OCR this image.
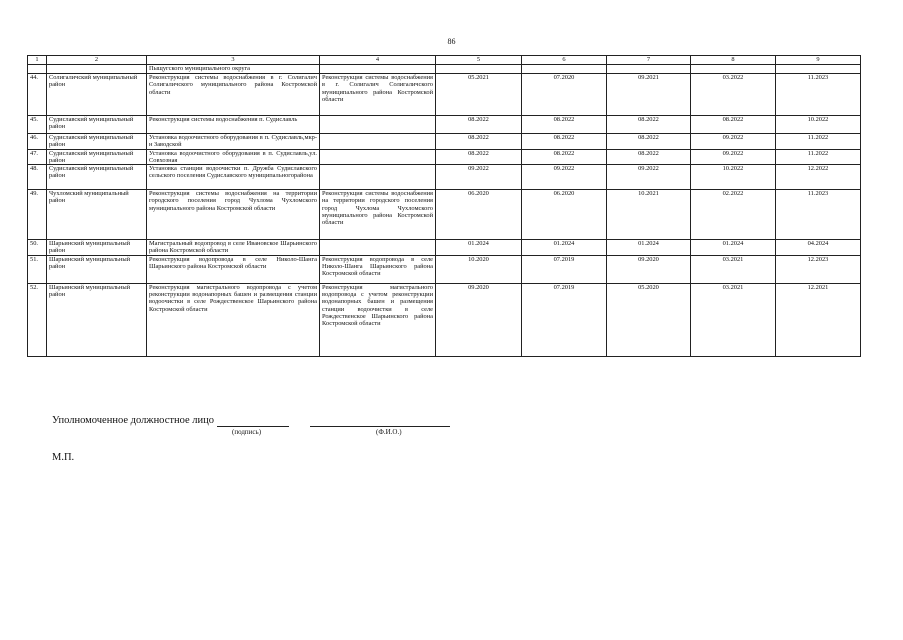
86
1	2	3	4	5	6	7	8	9
		Пыщугского муниципального округа						
44.	Солигаличский муниципальный район	Реконструкция системы водоснабжения в г. Солигалич Солигаличского муниципального района Костромской области	Реконструкция системы водоснабжения в г. Солигалич Солигаличского муниципального района Костромской области	05.2021	07.2020	09.2021	03.2022	11.2023
45.	Судиславский муниципальный район	Реконструкция системы водоснабжения п. Судиславль		08.2022	08.2022	08.2022	08.2022	10.2022
46.	Судиславский муниципальный район	Установка водоочистного оборудования в п. Судиславль,мкр-н Заводской		08.2022	08.2022	08.2022	09.2022	11.2022
47.	Судиславский муниципальный район	Установка водоочистного оборудования в п. Судиславль,ул. Совхозная		08.2022	08.2022	08.2022	09.2022	11.2022
48.	Судиславский муниципальный район	Установка станции водоочистки п. Дружба Судиславского сельского поселения Судиславского муниципальногорайона		09.2022	09.2022	09.2022	10.2022	12.2022
49.	Чухломский муниципальный район	Реконструкция системы водоснабжения на территории городского поселения город Чухлома Чухломского муниципального района Костромской области	Реконструкция системы водоснабжения на территории городского поселения город Чухлома Чухломского муниципального района Костромской области	06.2020	06.2020	10.2021	02.2022	11.2023
50.	Шарьинский муниципальный район	Магистральный водопровод в селе Ивановское Шарьинского района Костромской области		01.2024	01.2024	01.2024	01.2024	04.2024
51.	Шарьинский муниципальный район	Реконструкция водопровода в селе Николо-Шанга Шарьинского района Костромской области	Реконструкция водопровода в селе Николо-Шанга Шарьинского района Костромской области	10.2020	07.2019	09.2020	03.2021	12.2023
52.	Шарьинский муниципальный район	Реконструкция магистрального водопровода с учетом реконструкции водонапорных башен и размещения станции водоочистки в селе Рождественское Шарьинского района Костромской области	Реконструкция магистрального водопровода с учетом реконструкции водонапорных башен и размещения станции водоочистки в селе Рождественское Шарьинского района Костромской области	09.2020	07.2019	05.2020	03.2021	12.2021
Уполномоченное должностное лицо
(подпись)	(Ф.И.О.)
М.П.
